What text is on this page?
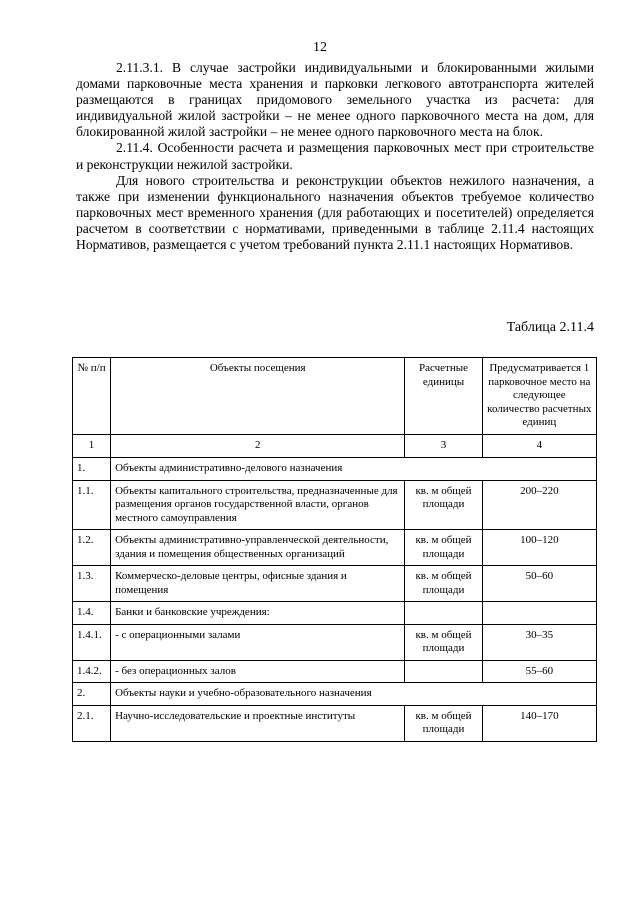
12

2.11.3.1. В случае застройки индивидуальными и блокированными жилыми домами парковочные места хранения и парковки легкового автотранспорта жителей размещаются в границах придомового земельного участка из расчета: для индивидуальной жилой застройки – не менее одного парковочного места на дом, для блокированной жилой застройки – не менее одного парковочного места на блок.

2.11.4. Особенности расчета и размещения парковочных мест при строительстве и реконструкции нежилой застройки.

Для нового строительства и реконструкции объектов нежилого назначения, а также при изменении функционального назначения объектов требуемое количество парковочных мест временного хранения (для работающих и посетителей) определяется расчетом в соответствии с нормативами, приведенными в таблице 2.11.4 настоящих Нормативов, размещается с учетом требований пункта 2.11.1 настоящих Нормативов.

Таблица 2.11.4
№ п/п	Объекты посещения	Расчетные единицы	Предусматривается 1 парковочное место на следующее количество расчетных единиц
1	2	3	4
1.	Объекты административно-делового назначения		
1.1.	Объекты капитального строительства, предназначенные для размещения органов государственной власти, органов местного самоуправления	кв. м общей площади	200–220
1.2.	Объекты административно-управленческой деятельности, здания и помещения общественных организаций	кв. м общей площади	100–120
1.3.	Коммерческо-деловые центры, офисные здания и помещения	кв. м общей площади	50–60
1.4.	Банки и банковские учреждения:		
1.4.1.	- с операционными залами	кв. м общей площади	30–35
1.4.2.	- без операционных залов		55–60
2.	Объекты науки и учебно-образовательного назначения		
2.1.	Научно-исследовательские и проектные институты	кв. м общей площади	140–170
